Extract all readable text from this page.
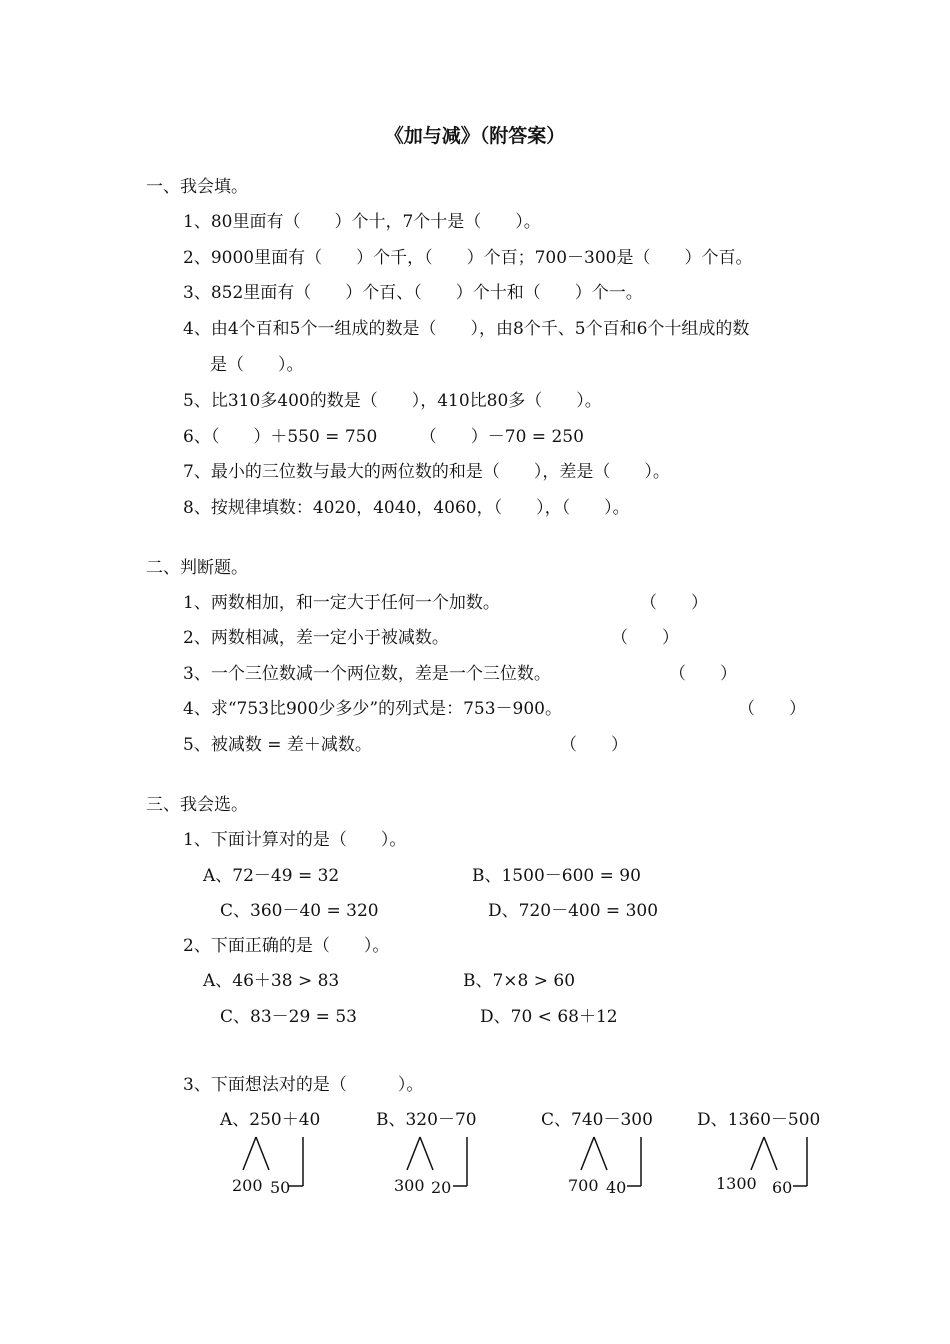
《加与减》（附答案）
一、我会填。
1、80里面有（　　）个十，7个十是（　　）。
2、9000里面有（　　）个千，（　　）个百；700－300是（　　）个百。
3、852里面有（　　）个百、（　　）个十和（　　）个一。
4、由4个百和5个一组成的数是（　　），由8个千、5个百和6个十组成的数
是（　　）。
5、比310多400的数是（　　），410比80多（　　）。
6、（　　）＋550 = 750　　　（　　）－70 = 250
7、最小的三位数与最大的两位数的和是（　　），差是（　　）。
8、按规律填数：4020，4040，4060，（　　），（　　）。
二、判断题。
1、两数相加，和一定大于任何一个加数。	（　　）
2、两数相减，差一定小于被减数。	（　　）
3、一个三位数减一个两位数，差是一个三位数。	（　　）
4、求“753比900少多少”的列式是：753－900。	（　　）
5、被减数 = 差＋减数。	（　　）
三、我会选。
1、下面计算对的是（　　）。
A、72－49 = 32	B、1500－600 = 90
C、360－40 = 320	D、720－400 = 300
2、下面正确的是（　　）。
A、46＋38 > 83	B、7×8 > 60
C、83－29 = 53	D、70 < 68＋12
3、下面想法对的是（　　　）。
A、250＋40
200 50
B、320－70
300 20
C、740－300
700 40
D、1360－500
1300 60
